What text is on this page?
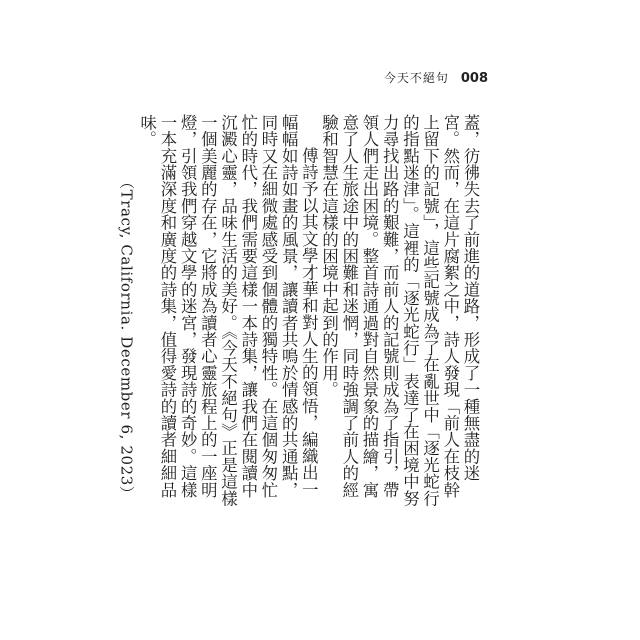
今天不絕句 008

蓋，彷彿失去了前進的道路，形成了一種無盡的迷宮。然而，在這片腐絮之中，詩人發現「前人在枝幹上留下的記號」，這些記號成為了在亂世中「逐光蛇行的指點迷津」。這裡的「逐光蛇行」表達了在困境中努力尋找出路的艱難，而前人的記號則成為了指引，帶領人們走出困境。整首詩通過對自然景象的描繪，寓意了人生旅途中的困難和迷惘，同時強調了前人的經驗和智慧在這樣的困境中起到的作用。

傅詩予以其文學才華和對人生的領悟，編織出一幅幅如詩如畫的風景，讓讀者共鳴於情感的共通點，同時又在細微處感受到個體的獨特性。在這個匆匆忙忙的時代，我們需要這樣一本詩集，讓我們在閱讀中沉澱心靈，品味生活的美好。《今天不絕句》正是這樣一個美麗的存在，它將成為讀者心靈旅程上的一座明燈，引領我們穿越文學的迷宮，發現詩的奇妙。這樣一本充滿深度和廣度的詩集，值得愛詩的讀者細細品味。

（Tracy, California. December 6, 2023）
